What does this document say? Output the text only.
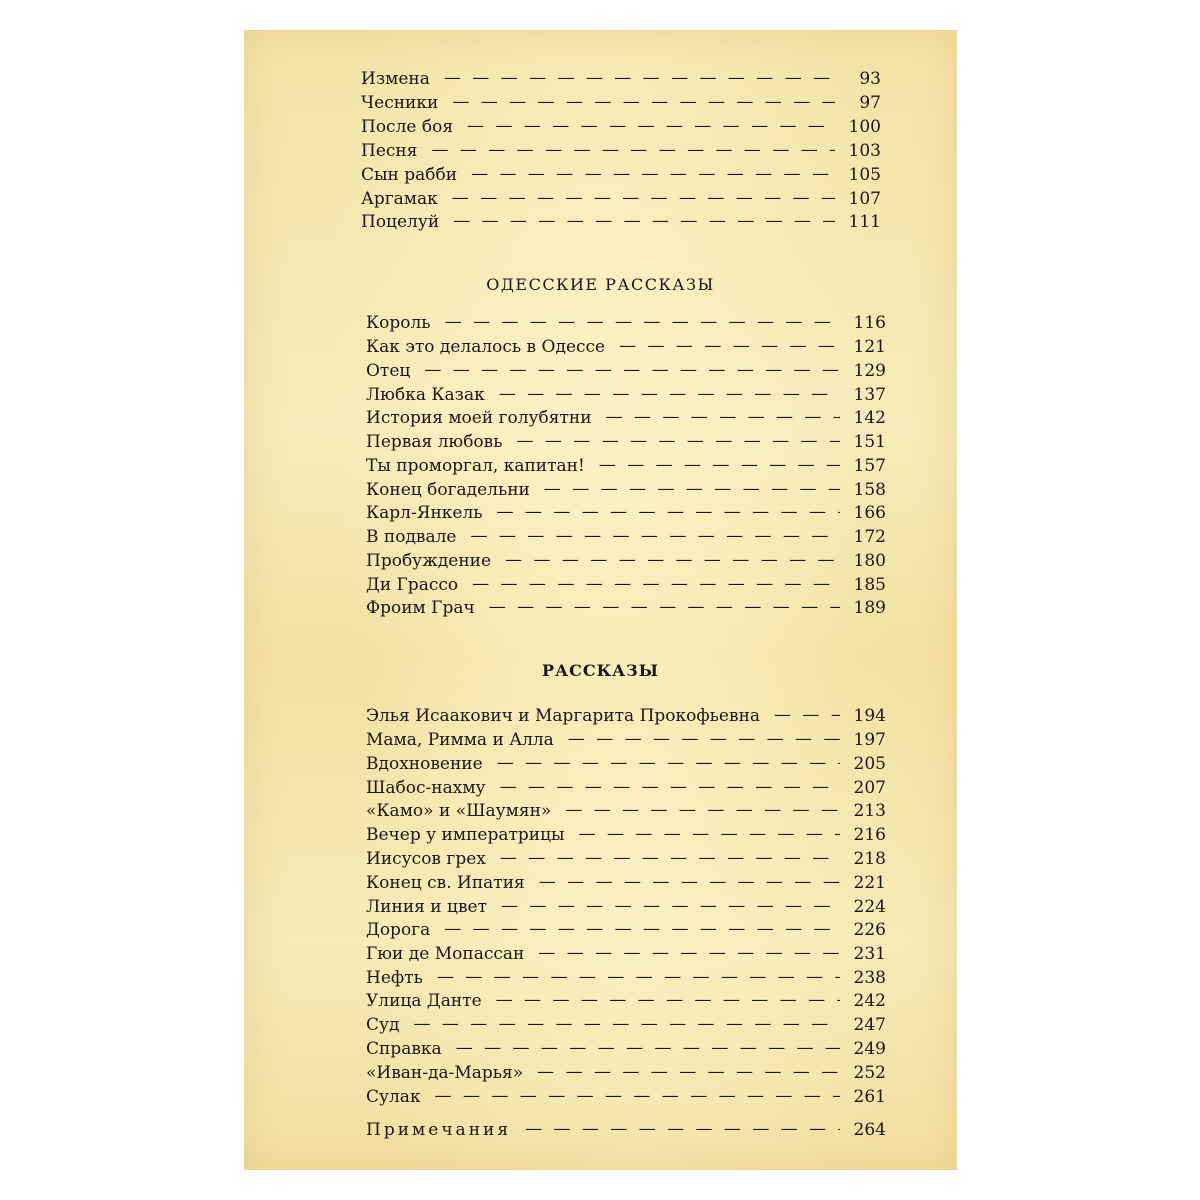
Измена — — —	93
Чесники — — —	97
После боя — — —	100
Песня — — —	103
Сын рабби — — —	105
Аргамак — — —	107
Поцелуй — — —	111
ОДЕССКИЕ РАССКАЗЫ
Король — — —	116
Как это делалось в Одессе — — —	121
Отец — — —	129
Любка Казак — — —	137
История моей голубятни — — —	142
Первая любовь — — —	151
Ты проморгал, капитан! — — —	157
Конец богадельни — — —	158
Карл-Янкель — — —	166
В подвале — — —	172
Пробуждение — — —	180
Ди Грассо — — —	185
Фроим Грач — — —	189
РАССКАЗЫ
Элья Исаакович и Маргарита Прокофьевна — — —	194
Мама, Римма и Алла — — —	197
Вдохновение — — —	205
Шабос-нахму — — —	207
«Камо» и «Шаумян» — — —	213
Вечер у императрицы — — —	216
Иисусов грех — — —	218
Конец св. Ипатия — — —	221
Линия и цвет — — —	224
Дорога — — —	226
Гюи де Мопассан — — —	231
Нефть — — —	238
Улица Данте — — —	242
Суд — — —	247
Справка — — —	249
«Иван-да-Марья» — — —	252
Сулак — — —	261
Примечания — — —	264
